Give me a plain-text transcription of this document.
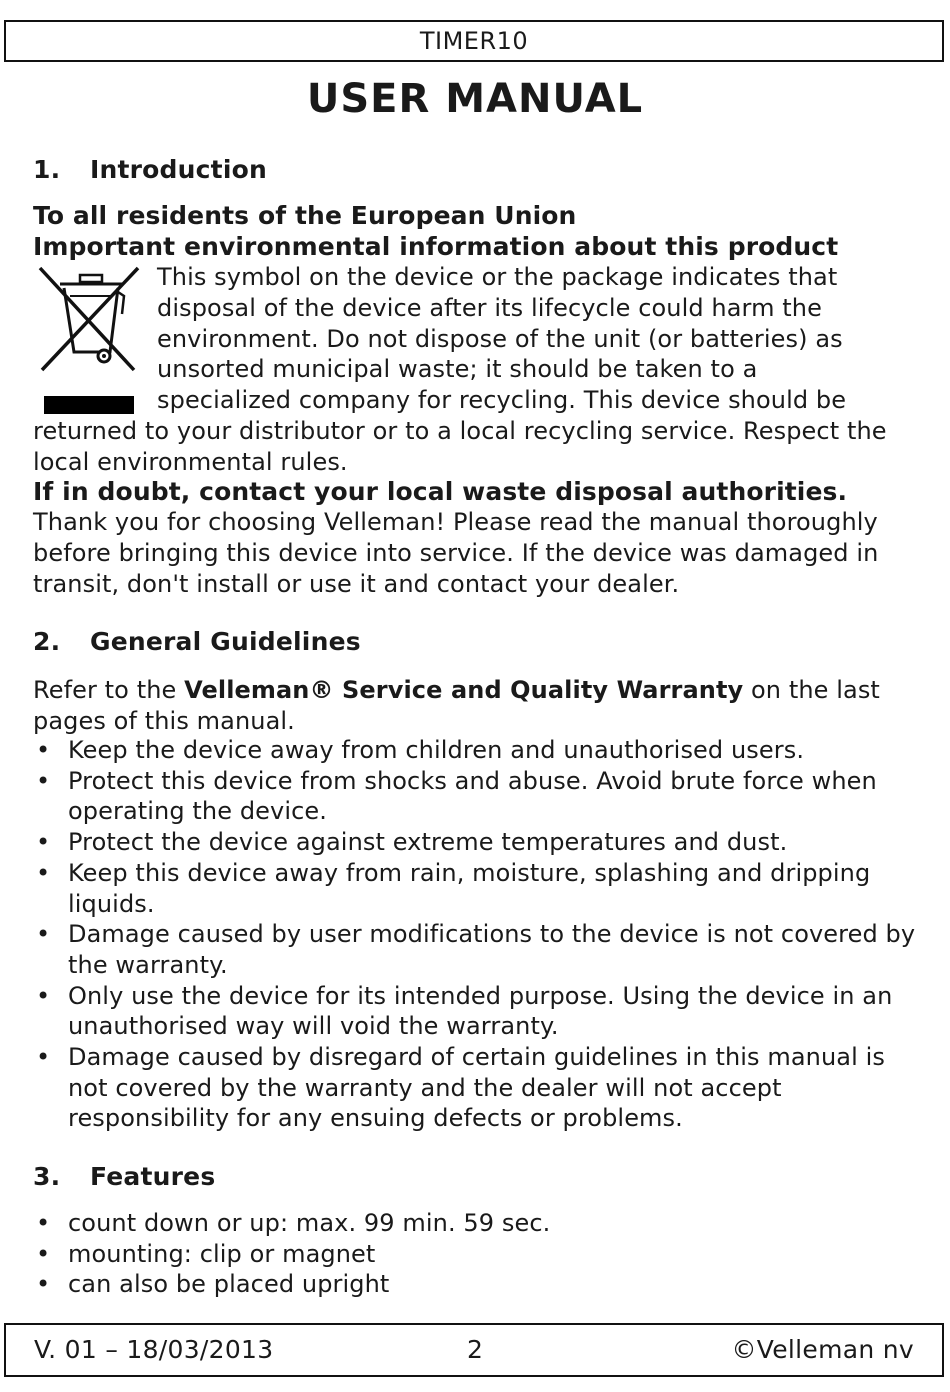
TIMER10
USER MANUAL
1. Introduction
To all residents of the European Union
Important environmental information about this product
This symbol on the device or the package indicates that disposal of the device after its lifecycle could harm the environment. Do not dispose of the unit (or batteries) as unsorted municipal waste; it should be taken to a specialized company for recycling. This device should be
returned to your distributor or to a local recycling service. Respect the local environmental rules.
If in doubt, contact your local waste disposal authorities.
Thank you for choosing Velleman! Please read the manual thoroughly before bringing this device into service. If the device was damaged in transit, don't install or use it and contact your dealer.
2. General Guidelines
Refer to the Velleman® Service and Quality Warranty on the last pages of this manual.
• Keep the device away from children and unauthorised users.
• Protect this device from shocks and abuse. Avoid brute force when operating the device.
• Protect the device against extreme temperatures and dust.
• Keep this device away from rain, moisture, splashing and dripping liquids.
• Damage caused by user modifications to the device is not covered by the warranty.
• Only use the device for its intended purpose. Using the device in an unauthorised way will void the warranty.
• Damage caused by disregard of certain guidelines in this manual is not covered by the warranty and the dealer will not accept responsibility for any ensuing defects or problems.
3. Features
• count down or up: max. 99 min. 59 sec.
• mounting: clip or magnet
• can also be placed upright
V. 01 – 18/03/2013	2	©Velleman nv
